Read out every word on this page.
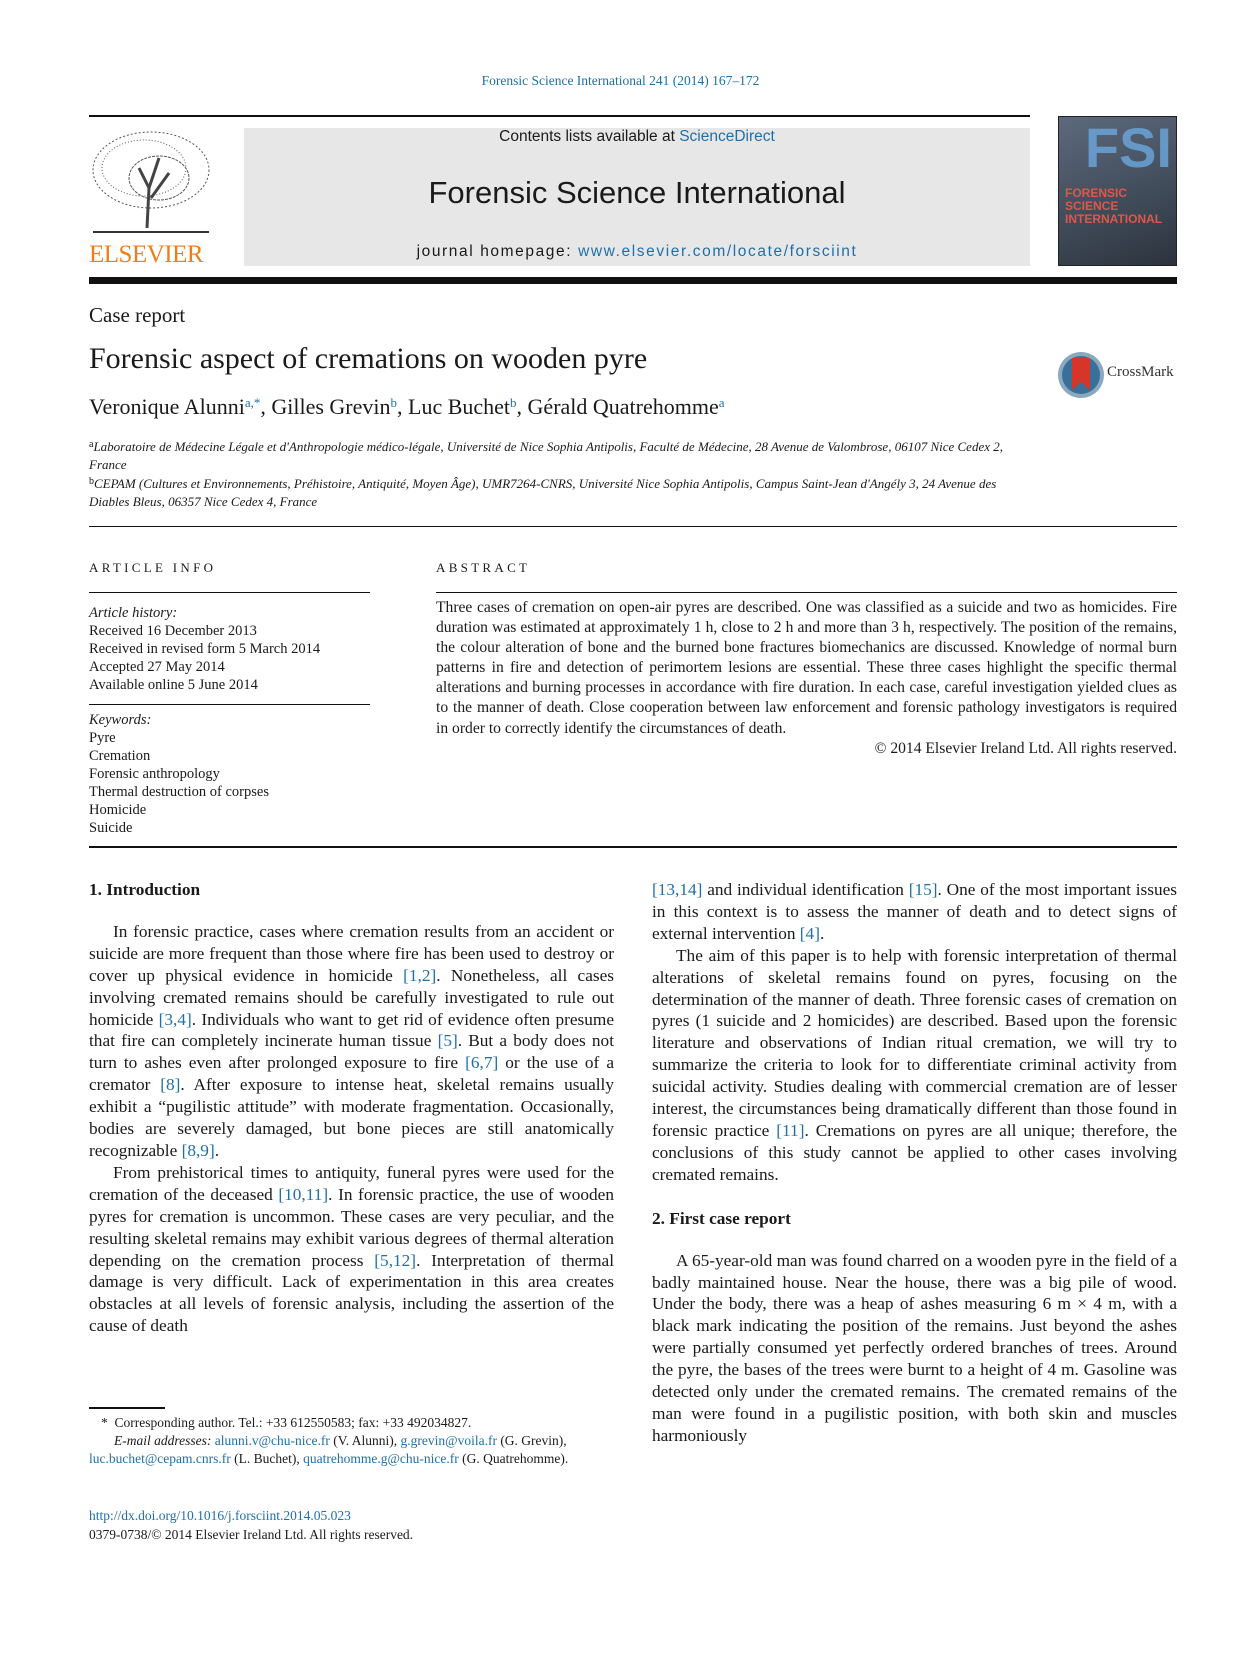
Forensic Science International 241 (2014) 167–172
ELSEVIER
Contents lists available at ScienceDirect
Forensic Science International
journal homepage: www.elsevier.com/locate/forsciint
FSI
FORENSIC SCIENCE INTERNATIONAL
Case report
Forensic aspect of cremations on wooden pyre	CrossMark
Veronique Alunni$^{a,*}$, Gilles Grevin$^b$, Luc Buchet$^b$, Gérald Quatrehomme$^a$
$^a$Laboratoire de Médecine Légale et d'Anthropologie médico-légale, Université de Nice Sophia Antipolis, Faculté de Médecine, 28 Avenue de Valombrose, 06107 Nice Cedex 2, France
$^b$CEPAM (Cultures et Environnements, Préhistoire, Antiquité, Moyen Âge), UMR7264-CNRS, Université Nice Sophia Antipolis, Campus Saint-Jean d'Angély 3, 24 Avenue des Diables Bleus, 06357 Nice Cedex 4, France
ARTICLE INFO	ABSTRACT
Article history:
Received 16 December 2013
Received in revised form 5 March 2014
Accepted 27 May 2014
Available online 5 June 2014
Keywords:
Pyre
Cremation
Forensic anthropology
Thermal destruction of corpses
Homicide
Suicide
Three cases of cremation on open-air pyres are described. One was classified as a suicide and two as homicides. Fire duration was estimated at approximately 1 h, close to 2 h and more than 3 h, respectively. The position of the remains, the colour alteration of bone and the burned bone fractures biomechanics are discussed. Knowledge of normal burn patterns in fire and detection of perimortem lesions are essential. These three cases highlight the specific thermal alterations and burning processes in accordance with fire duration. In each case, careful investigation yielded clues as to the manner of death. Close cooperation between law enforcement and forensic pathology investigators is required in order to correctly identify the circumstances of death.
© 2014 Elsevier Ireland Ltd. All rights reserved.
1. Introduction

In forensic practice, cases where cremation results from an accident or suicide are more frequent than those where fire has been used to destroy or cover up physical evidence in homicide [1,2]. Nonetheless, all cases involving cremated remains should be carefully investigated to rule out homicide [3,4]. Individuals who want to get rid of evidence often presume that fire can completely incinerate human tissue [5]. But a body does not turn to ashes even after prolonged exposure to fire [6,7] or the use of a cremator [8]. After exposure to intense heat, skeletal remains usually exhibit a “pugilistic attitude” with moderate fragmentation. Occasionally, bodies are severely damaged, but bone pieces are still anatomically recognizable [8,9].

From prehistorical times to antiquity, funeral pyres were used for the cremation of the deceased [10,11]. In forensic practice, the use of wooden pyres for cremation is uncommon. These cases are very peculiar, and the resulting skeletal remains may exhibit various degrees of thermal alteration depending on the cremation process [5,12]. Interpretation of thermal damage is very difficult. Lack of experimentation in this area creates obstacles at all levels of forensic analysis, including the assertion of the cause of death

[13,14] and individual identification [15]. One of the most important issues in this context is to assess the manner of death and to detect signs of external intervention [4].

The aim of this paper is to help with forensic interpretation of thermal alterations of skeletal remains found on pyres, focusing on the determination of the manner of death. Three forensic cases of cremation on pyres (1 suicide and 2 homicides) are described. Based upon the forensic literature and observations of Indian ritual cremation, we will try to summarize the criteria to look for to differentiate criminal activity from suicidal activity. Studies dealing with commercial cremation are of lesser interest, the circumstances being dramatically different than those found in forensic practice [11]. Cremations on pyres are all unique; therefore, the conclusions of this study cannot be applied to other cases involving cremated remains.

2. First case report

A 65-year-old man was found charred on a wooden pyre in the field of a badly maintained house. Near the house, there was a big pile of wood. Under the body, there was a heap of ashes measuring 6 m × 4 m, with a black mark indicating the position of the remains. Just beyond the ashes were partially consumed yet perfectly ordered branches of trees. Around the pyre, the bases of the trees were burnt to a height of 4 m. Gasoline was detected only under the cremated remains. The cremated remains of the man were found in a pugilistic position, with both skin and muscles harmoniously

* Corresponding author. Tel.: +33 612550583; fax: +33 492034827.
E-mail addresses: alunni.v@chu-nice.fr (V. Alunni), g.grevin@voila.fr (G. Grevin), luc.buchet@cepam.cnrs.fr (L. Buchet), quatrehomme.g@chu-nice.fr (G. Quatrehomme).
http://dx.doi.org/10.1016/j.forsciint.2014.05.023
0379-0738/© 2014 Elsevier Ireland Ltd. All rights reserved.
